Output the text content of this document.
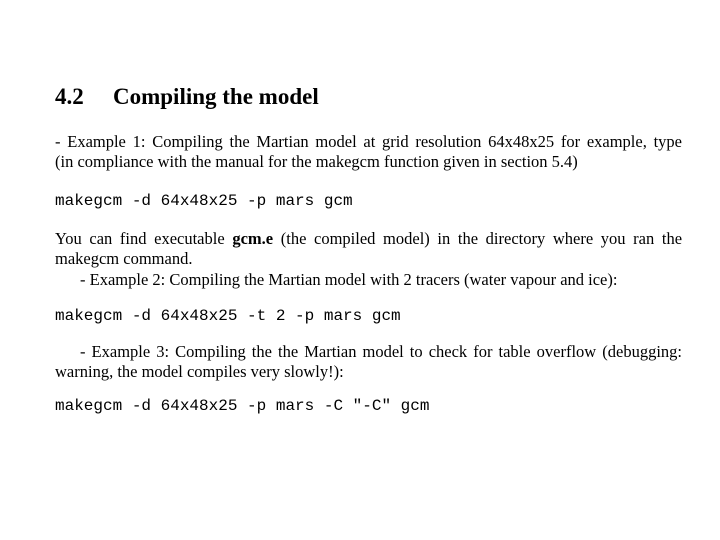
4.2 Compiling the model
- Example 1: Compiling the Martian model at grid resolution 64x48x25 for example, type
(in compliance with the manual for the makegcm function given in section 5.4)
makegcm -d 64x48x25 -p mars gcm
You can find executable gcm.e (the compiled model) in the directory where you ran the
makegcm command.
- Example 2: Compiling the Martian model with 2 tracers (water vapour and ice):
makegcm -d 64x48x25 -t 2 -p mars gcm
- Example 3: Compiling the the Martian model to check for table overflow (debugging:
warning, the model compiles very slowly!):
makegcm -d 64x48x25 -p mars -C "-C" gcm
